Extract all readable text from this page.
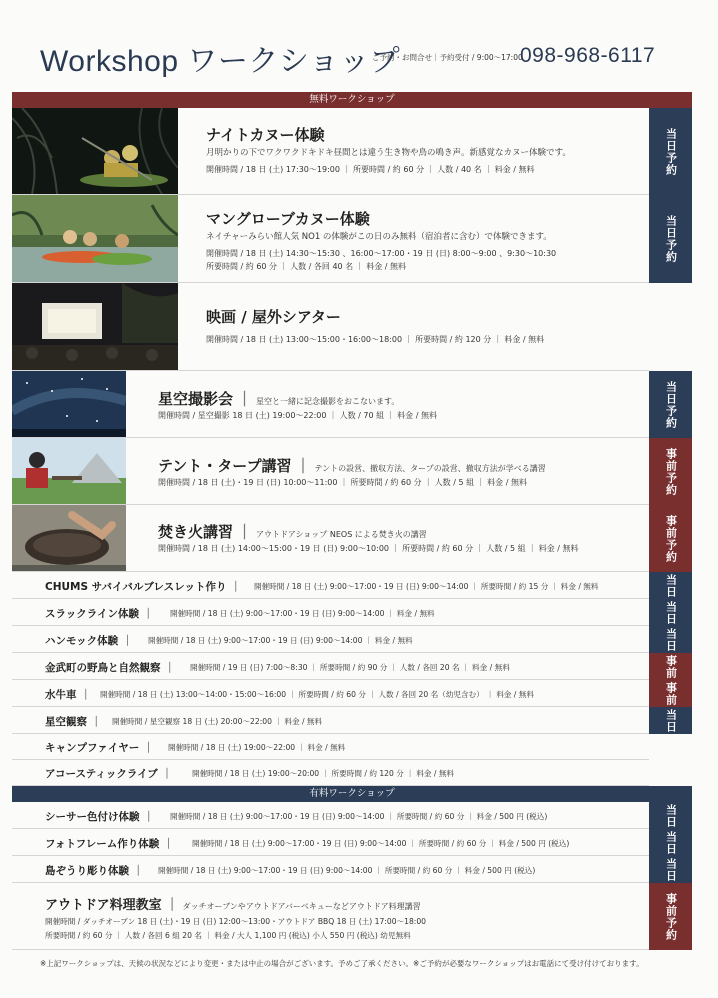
Workshop ワークショップ
ご予約・お問合せ｜予約受付 / 9:00～17:00
098-968-6117
無料ワークショップ
ナイトカヌー体験
月明かりの下でワクワクドキドキ昼間とは違う生き物や鳥の鳴き声。新感覚なカヌー体験です。
開催時間 / 18 日 (土) 17:30～19:00 ｜ 所要時間 / 約 60 分 ｜ 人数 / 40 名 ｜ 料金 / 無料	当日予約
マングローブカヌー体験
ネイチャーみらい館人気 NO1 の体験がこの日のみ無料（宿泊者に含む）で体験できます。
開催時間 / 18 日 (土) 14:30～15:30 、16:00～17:00・19 日 (日) 8:00～9:00 、9:30～10:30
所要時間 / 約 60 分 ｜ 人数 / 各回 40 名 ｜ 料金 / 無料
当日予約
映画 / 屋外シアター
開催時間 / 18 日 (土) 13:00～15:00・16:00～18:00 ｜ 所要時間 / 約 120 分 ｜ 料金 / 無料
星空撮影会 ｜ 星空と一緒に記念撮影をおこないます。
開催時間 / 星空撮影 18 日 (土) 19:00～22:00 ｜ 人数 / 70 組 ｜ 料金 / 無料	当日予約
テント・タープ講習 ｜ テントの設営、撤収方法、タープの設営、撤収方法が学べる講習
開催時間 / 18 日 (土)・19 日 (日) 10:00～11:00 ｜ 所要時間 / 約 60 分 ｜ 人数 / 5 組 ｜ 料金 / 無料	事前予約
焚き火講習 ｜ アウトドアショップ NEOS による焚き火の講習
開催時間 / 18 日 (土) 14:00～15:00・19 日 (日) 9:00～10:00 ｜ 所要時間 / 約 60 分 ｜ 人数 / 5 組 ｜ 料金 / 無料	事前予約
CHUMS サバイバルブレスレット作り ｜	開催時間 / 18 日 (土) 9:00～17:00・19 日 (日) 9:00～14:00 ｜ 所要時間 / 約 15 分 ｜ 料金 / 無料	当日
スラックライン体験 ｜	開催時間 / 18 日 (土) 9:00～17:00・19 日 (日) 9:00～14:00 ｜ 料金 / 無料	当日
ハンモック体験 ｜	開催時間 / 18 日 (土) 9:00～17:00・19 日 (日) 9:00～14:00 ｜ 料金 / 無料	当日
金武町の野鳥と自然観察 ｜	開催時間 / 19 日 (日) 7:00～8:30 ｜ 所要時間 / 約 90 分 ｜ 人数 / 各回 20 名 ｜ 料金 / 無料	事前
水牛車 ｜	開催時間 / 18 日 (土) 13:00～14:00・15:00～16:00 ｜ 所要時間 / 約 60 分 ｜ 人数 / 各回 20 名（幼児含む） ｜ 料金 / 無料	事前
星空観察 ｜	開催時間 / 星空観察 18 日 (土) 20:00～22:00 ｜ 料金 / 無料	当日
キャンプファイヤー ｜	開催時間 / 18 日 (土) 19:00～22:00 ｜ 料金 / 無料
アコースティックライブ ｜	開催時間 / 18 日 (土) 19:00～20:00 ｜ 所要時間 / 約 120 分 ｜ 料金 / 無料
有料ワークショップ
シーサー色付け体験 ｜	開催時間 / 18 日 (土) 9:00～17:00・19 日 (日) 9:00～14:00 ｜ 所要時間 / 約 60 分 ｜ 料金 / 500 円 (税込)	当日
フォトフレーム作り体験 ｜	開催時間 / 18 日 (土) 9:00～17:00・19 日 (日) 9:00～14:00 ｜ 所要時間 / 約 60 分 ｜ 料金 / 500 円 (税込)	当日
島ぞうり彫り体験 ｜	開催時間 / 18 日 (土) 9:00～17:00・19 日 (日) 9:00～14:00 ｜ 所要時間 / 約 60 分 ｜ 料金 / 500 円 (税込)	当日
アウトドア料理教室 ｜ ダッチオーブンやアウトドアバーベキューなどアウトドア料理講習
開催時間 / ダッチオーブン 18 日 (土)・19 日 (日) 12:00～13:00・アウトドア BBQ 18 日 (土) 17:00～18:00
所要時間 / 約 60 分 ｜ 人数 / 各回 6 組 20 名 ｜ 料金 / 大人 1,100 円 (税込) 小人 550 円 (税込) 幼児無料	事前予約
※上記ワークショップは、天候の状況などにより変更・または中止の場合がございます。予めご了承ください。※ご予約が必要なワークショップはお電話にて受け付けております。
